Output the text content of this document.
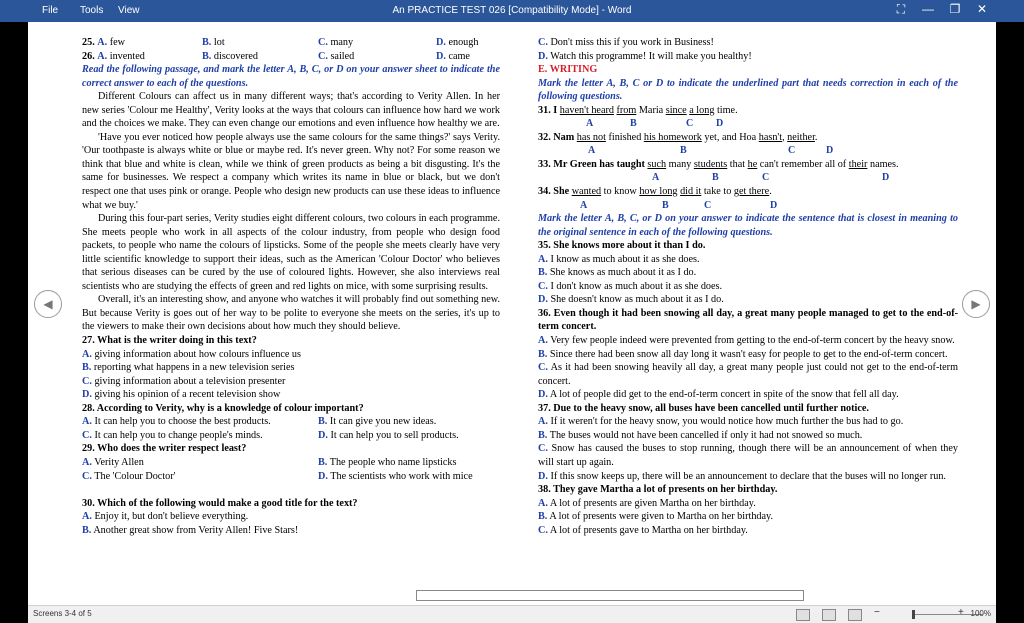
File Tools View	An PRACTICE TEST 026 [Compatibility Mode] - Word	⛶	—	❐	✕
25. A. few	B. lot	C. many	D. enough
26. A. invented	B. discovered	C. sailed	D. came
Read the following passage, and mark the letter A, B, C, or D on your answer sheet to indicate the correct answer to each of the questions.
Different Colours can affect us in many different ways; that's according to Verity Allen. In her new series 'Colour me Healthy', Verity looks at the ways that colours can influence how hard we work and the choices we make. They can even change our emotions and even influence how healthy we are.
'Have you ever noticed how people always use the same colours for the same things?' says Verity. 'Our toothpaste is always white or blue or maybe red. It's never green. Why not? For some reason we think that blue and white is clean, while we think of green products as being a bit disgusting. It's the same for businesses. We respect a company which writes its name in blue or black, but we don't respect one that uses pink or orange. People who design new products can use these ideas to influence what we buy.'
During this four-part series, Verity studies eight different colours, two colours in each programme. She meets people who work in all aspects of the colour industry, from people who design food packets, to people who name the colours of lipsticks. Some of the people she meets clearly have very little scientific knowledge to support their ideas, such as the American 'Colour Doctor' who believes that serious diseases can be cured by the use of coloured lights. However, she also interviews real scientists who are studying the effects of green and red lights on mice, with some surprising results.
Overall, it's an interesting show, and anyone who watches it will probably find out something new. But because Verity is goes out of her way to be polite to everyone she meets on the series, it's up to the viewers to make their own decisions about how much they should believe.
27. What is the writer doing in this text?
A. giving information about how colours influence us
B. reporting what happens in a new television series
C. giving information about a television presenter
D. giving his opinion of a recent television show
28. According to Verity, why is a knowledge of colour important?
A. It can help you to choose the best products.	B. It can give you new ideas.
C. It can help you to change people's minds.	D. It can help you to sell products.
29. Who does the writer respect least?
A. Verity Allen	B. The people who name lipsticks
C. The 'Colour Doctor'	D. The scientists who work with mice
30. Which of the following would make a good title for the text?
A. Enjoy it, but don't believe everything.
B. Another great show from Verity Allen! Five Stars!
C. Don't miss this if you work in Business!
D. Watch this programme! It will make you healthy!
E. WRITING
Mark the letter A, B, C or D to indicate the underlined part that needs correction in each of the following questions.
31. I haven't heard from Maria since a long time.
A	B	C D
32. Nam has not finished his homework yet, and Hoa hasn't, neither.
A	B	C	D
33. Mr Green has taught such many students that he can't remember all of their names.
A	B	C	D
34. She wanted to know how long did it take to get there.
A	B	C	D
Mark the letter A, B, C, or D on your answer to indicate the sentence that is closest in meaning to the original sentence in each of the following questions.
35. She knows more about it than I do.
A. I know as much about it as she does.
B. She knows as much about it as I do.
C. I don't know as much about it as she does.
D. She doesn't know as much about it as I do.
36. Even though it had been snowing all day, a great many people managed to get to the end-of-term concert.
A. Very few people indeed were prevented from getting to the end-of-term concert by the heavy snow.
B. Since there had been snow all day long it wasn't easy for people to get to the end-of-term concert.
C. As it had been snowing heavily all day, a great many people just could not get to the end-of-term concert.
D. A lot of people did get to the end-of-term concert in spite of the snow that fell all day.
37. Due to the heavy snow, all buses have been cancelled until further notice.
A. If it weren't for the heavy snow, you would notice how much further the bus had to go.
B. The buses would not have been cancelled if only it had not snowed so much.
C. Snow has caused the buses to stop running, though there will be an announcement of when they will start up again.
D. If this snow keeps up, there will be an announcement to declare that the buses will no longer run.
38. They gave Martha a lot of presents on her birthday.
A. A lot of presents are given Martha on her birthday.
B. A lot of presents were given to Martha on her birthday.
C. A lot of presents gave to Martha on her birthday.
◀	▶
Screens 3-4 of 5	−	+ 100%
